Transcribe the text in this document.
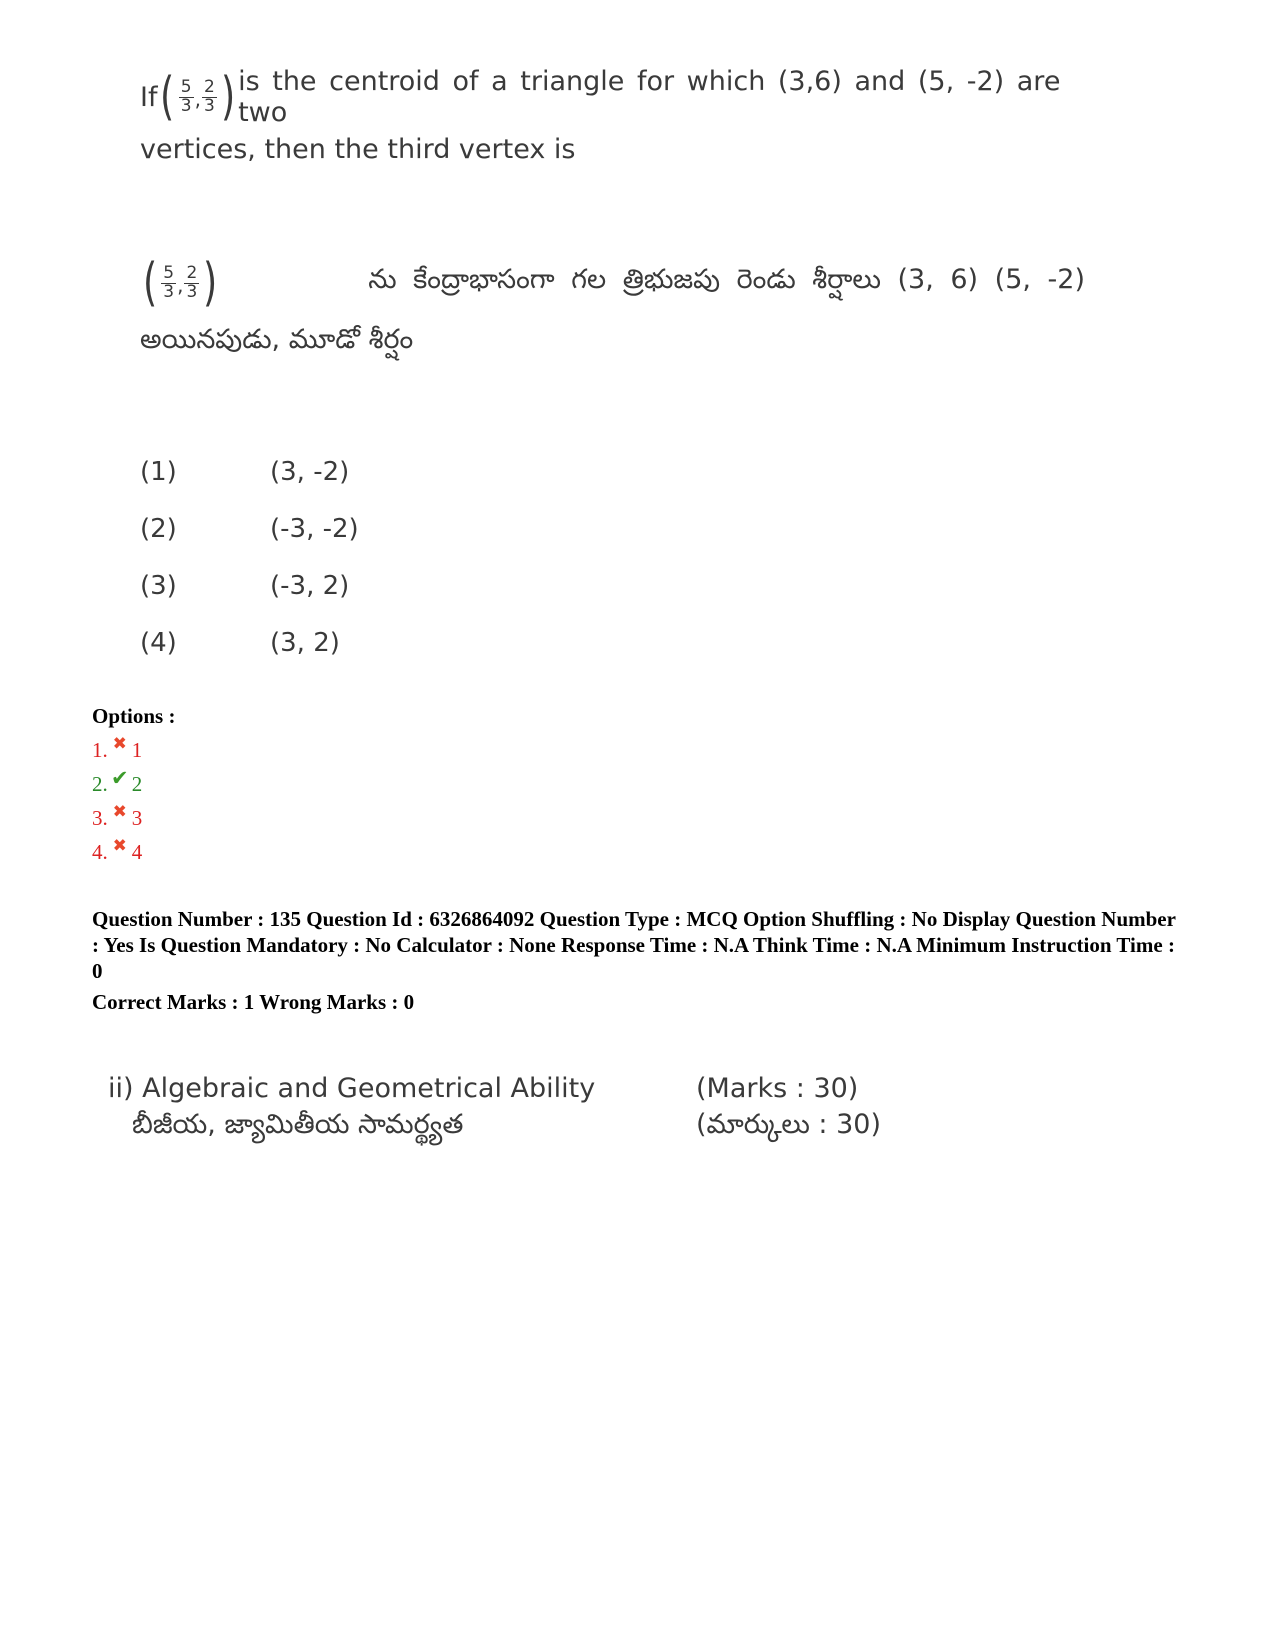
If ( $\frac{5}{3}$ , $\frac{2}{3}$ ) is the centroid of a triangle for which (3,6) and (5, -2) are two
vertices, then the third vertex is
( $\frac{5}{3}$ , $\frac{2}{3}$ )	ను కేంద్రాభాసంగా గల త్రిభుజపు రెండు శీర్షాలు (3, 6) (5, -2)
అయినపుడు, మూడో శీర్షం
(1)	(3, -2)
(2)	(-3, -2)
(3)	(-3, 2)
(4)	(3, 2)
Options :
1. ✖ 1
2. ✔ 2
3. ✖ 3
4. ✖ 4
Question Number : 135 Question Id : 6326864092 Question Type : MCQ Option Shuffling : No Display Question Number : Yes Is Question Mandatory : No Calculator : None Response Time : N.A Think Time : N.A Minimum Instruction Time : 0
Correct Marks : 1 Wrong Marks : 0
ii) Algebraic and Geometrical Ability	(Marks : 30)
బీజీయ, జ్యామితీయ సామర్థ్యత	(మార్కులు : 30)
